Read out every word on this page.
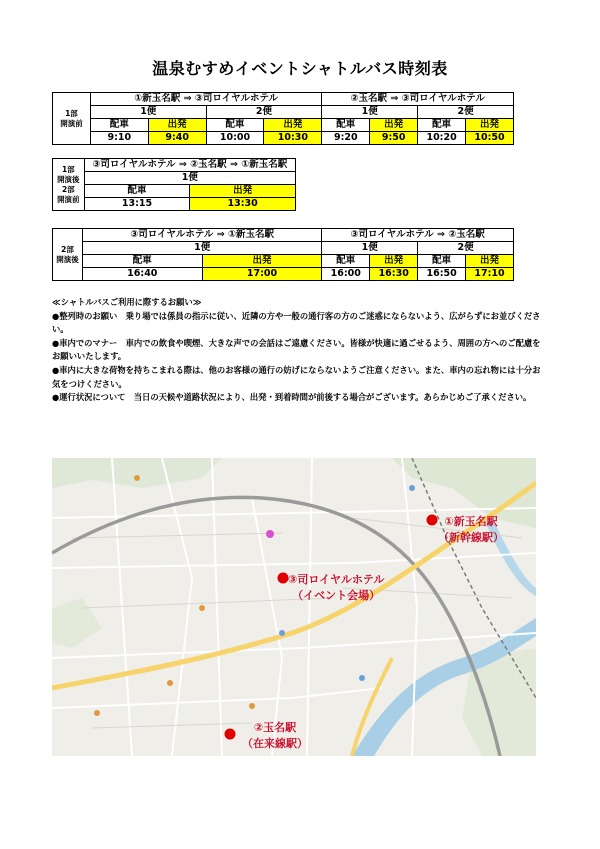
温泉むすめイベントシャトルバス時刻表
1部
開演前	①新玉名駅 ⇒ ③司ロイヤルホテル				②玉名駅 ⇒ ③司ロイヤルホテル			
	1便		2便		1便		2便	
	配車	出発	配車	出発	配車	出発	配車	出発
	9:10	9:40	10:00	10:30	9:20	9:50	10:20	10:50
1部
開演後
2部
開演前	③司ロイヤルホテル ⇒ ②玉名駅 ⇒ ①新玉名駅	
	1便	
	配車	出発
	13:15	13:30
2部
開演後	③司ロイヤルホテル ⇒ ①新玉名駅		③司ロイヤルホテル ⇒ ②玉名駅			
	1便		1便		2便	
	配車	出発	配車	出発	配車	出発
	16:40	17:00	16:00	16:30	16:50	17:10

≪シャトルバスご利用に際するお願い≫

●整列時のお願い　乗り場では係員の指示に従い、近隣の方や一般の通行客の方のご迷惑にならないよう、広がらずにお並びください。

●車内でのマナー　車内での飲食や喫煙、大きな声での会話はご遠慮ください。皆様が快適に過ごせるよう、周囲の方へのご配慮をお願いいたします。

●車内に大きな荷物を持ちこまれる際は、他のお客様の通行の妨げにならないようご注意ください。また、車内の忘れ物には十分お気をつけください。

●運行状況について　当日の天候や道路状況により、出発・到着時間が前後する場合がございます。あらかじめご了承ください。

①新玉名駅
（新幹線駅）
③司ロイヤルホテル
（イベント会場）
②玉名駅
（在来線駅）
